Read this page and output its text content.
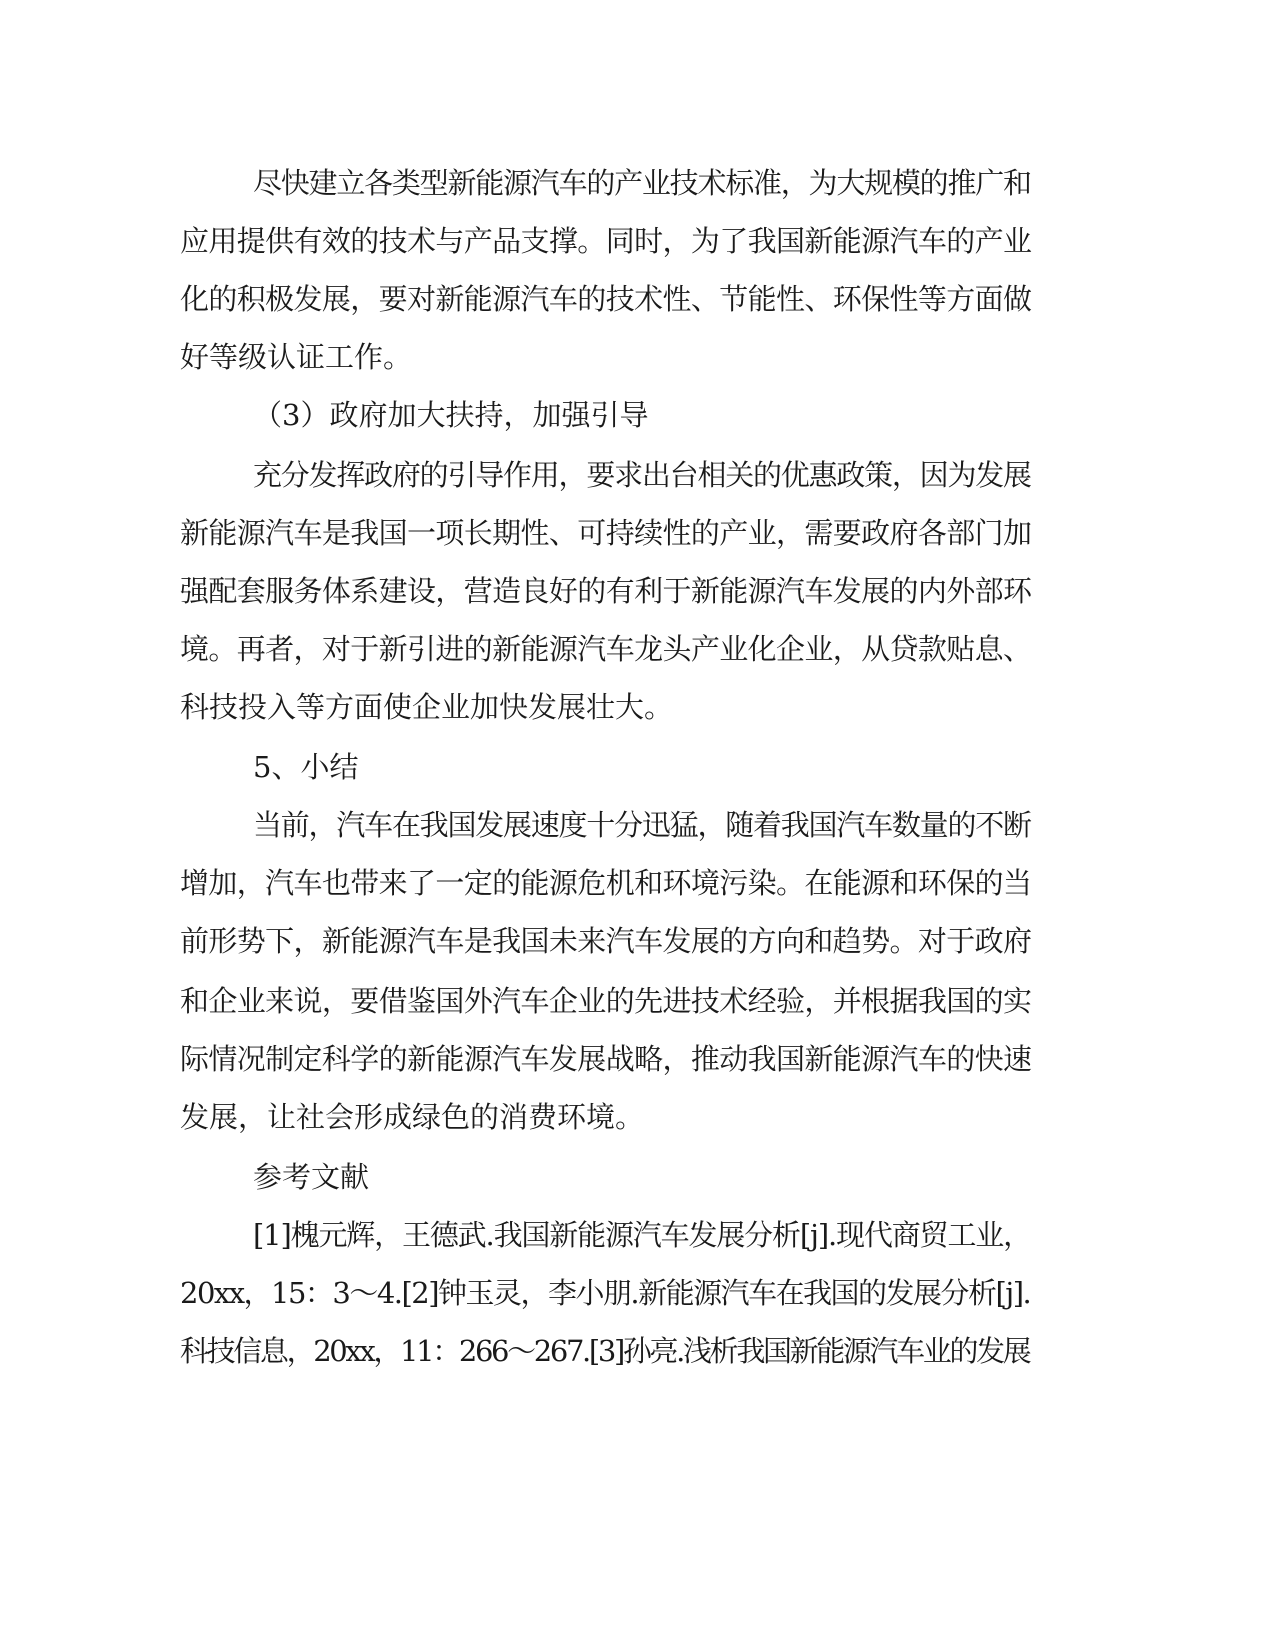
尽快建立各类型新能源汽车的产业技术标准，为大规模的推广和
应用提供有效的技术与产品支撑。同时，为了我国新能源汽车的产业
化的积极发展，要对新能源汽车的技术性、节能性、环保性等方面做
好等级认证工作。
（3）政府加大扶持，加强引导
充分发挥政府的引导作用，要求出台相关的优惠政策，因为发展
新能源汽车是我国一项长期性、可持续性的产业，需要政府各部门加
强配套服务体系建设，营造良好的有利于新能源汽车发展的内外部环
境。再者，对于新引进的新能源汽车龙头产业化企业，从贷款贴息、
科技投入等方面使企业加快发展壮大。
5、小结
当前，汽车在我国发展速度十分迅猛，随着我国汽车数量的不断
增加，汽车也带来了一定的能源危机和环境污染。在能源和环保的当
前形势下，新能源汽车是我国未来汽车发展的方向和趋势。对于政府
和企业来说，要借鉴国外汽车企业的先进技术经验，并根据我国的实
际情况制定科学的新能源汽车发展战略，推动我国新能源汽车的快速
发展，让社会形成绿色的消费环境。
参考文献
[1]槐元辉，王德武.我国新能源汽车发展分析[j].现代商贸工业，
20xx，15：3～4.[2]钟玉灵，李小朋.新能源汽车在我国的发展分析[j].
科技信息，20xx，11：266～267.[3]孙亮.浅析我国新能源汽车业的发展
